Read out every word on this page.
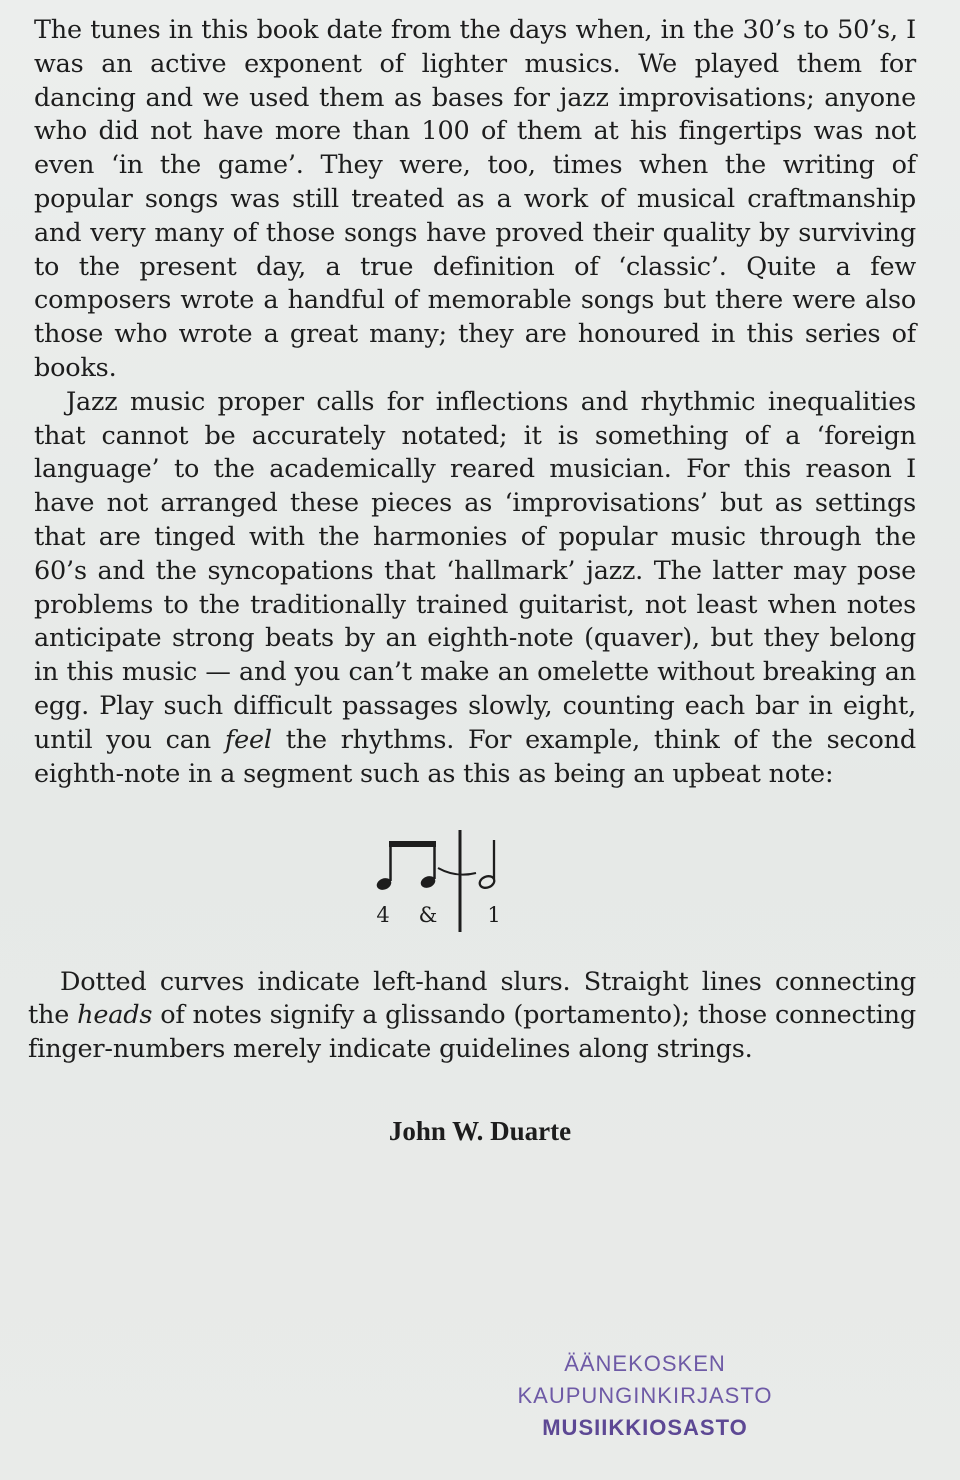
The tunes in this book date from the days when, in the 30’s to 50’s, I was an active exponent of lighter musics. We played them for dancing and we used them as bases for jazz improvisations; anyone who did not have more than 100 of them at his fingertips was not even ‘in the game’. They were, too, times when the writing of popular songs was still treated as a work of musical craftmanship and very many of those songs have proved their quality by surviving to the present day, a true definition of ‘classic’. Quite a few composers wrote a handful of memorable songs but there were also those who wrote a great many; they are honoured in this series of books.

Jazz music proper calls for inflections and rhythmic inequalities that cannot be accurately notated; it is something of a ‘foreign language’ to the academically reared musician. For this reason I have not arranged these pieces as ‘improvisations’ but as settings that are tinged with the harmonies of popular music through the 60’s and the syncopations that ‘hallmark’ jazz. The latter may pose problems to the traditionally trained guitarist, not least when notes anticipate strong beats by an eighth-note (quaver), but they belong in this music — and you can’t make an omelette without breaking an egg. Play such difficult passages slowly, counting each bar in eight, until you can feel the rhythms. For example, think of the second eighth-note in a segment such as this as being an upbeat note:

4 & 1

Dotted curves indicate left-hand slurs. Straight lines connecting the heads of notes signify a glissando (portamento); those connecting finger-numbers merely indicate guidelines along strings.

John W. Duarte
ÄÄNEKOSKEN
KAUPUNGINKIRJASTO
MUSIIKKIOSASTO
